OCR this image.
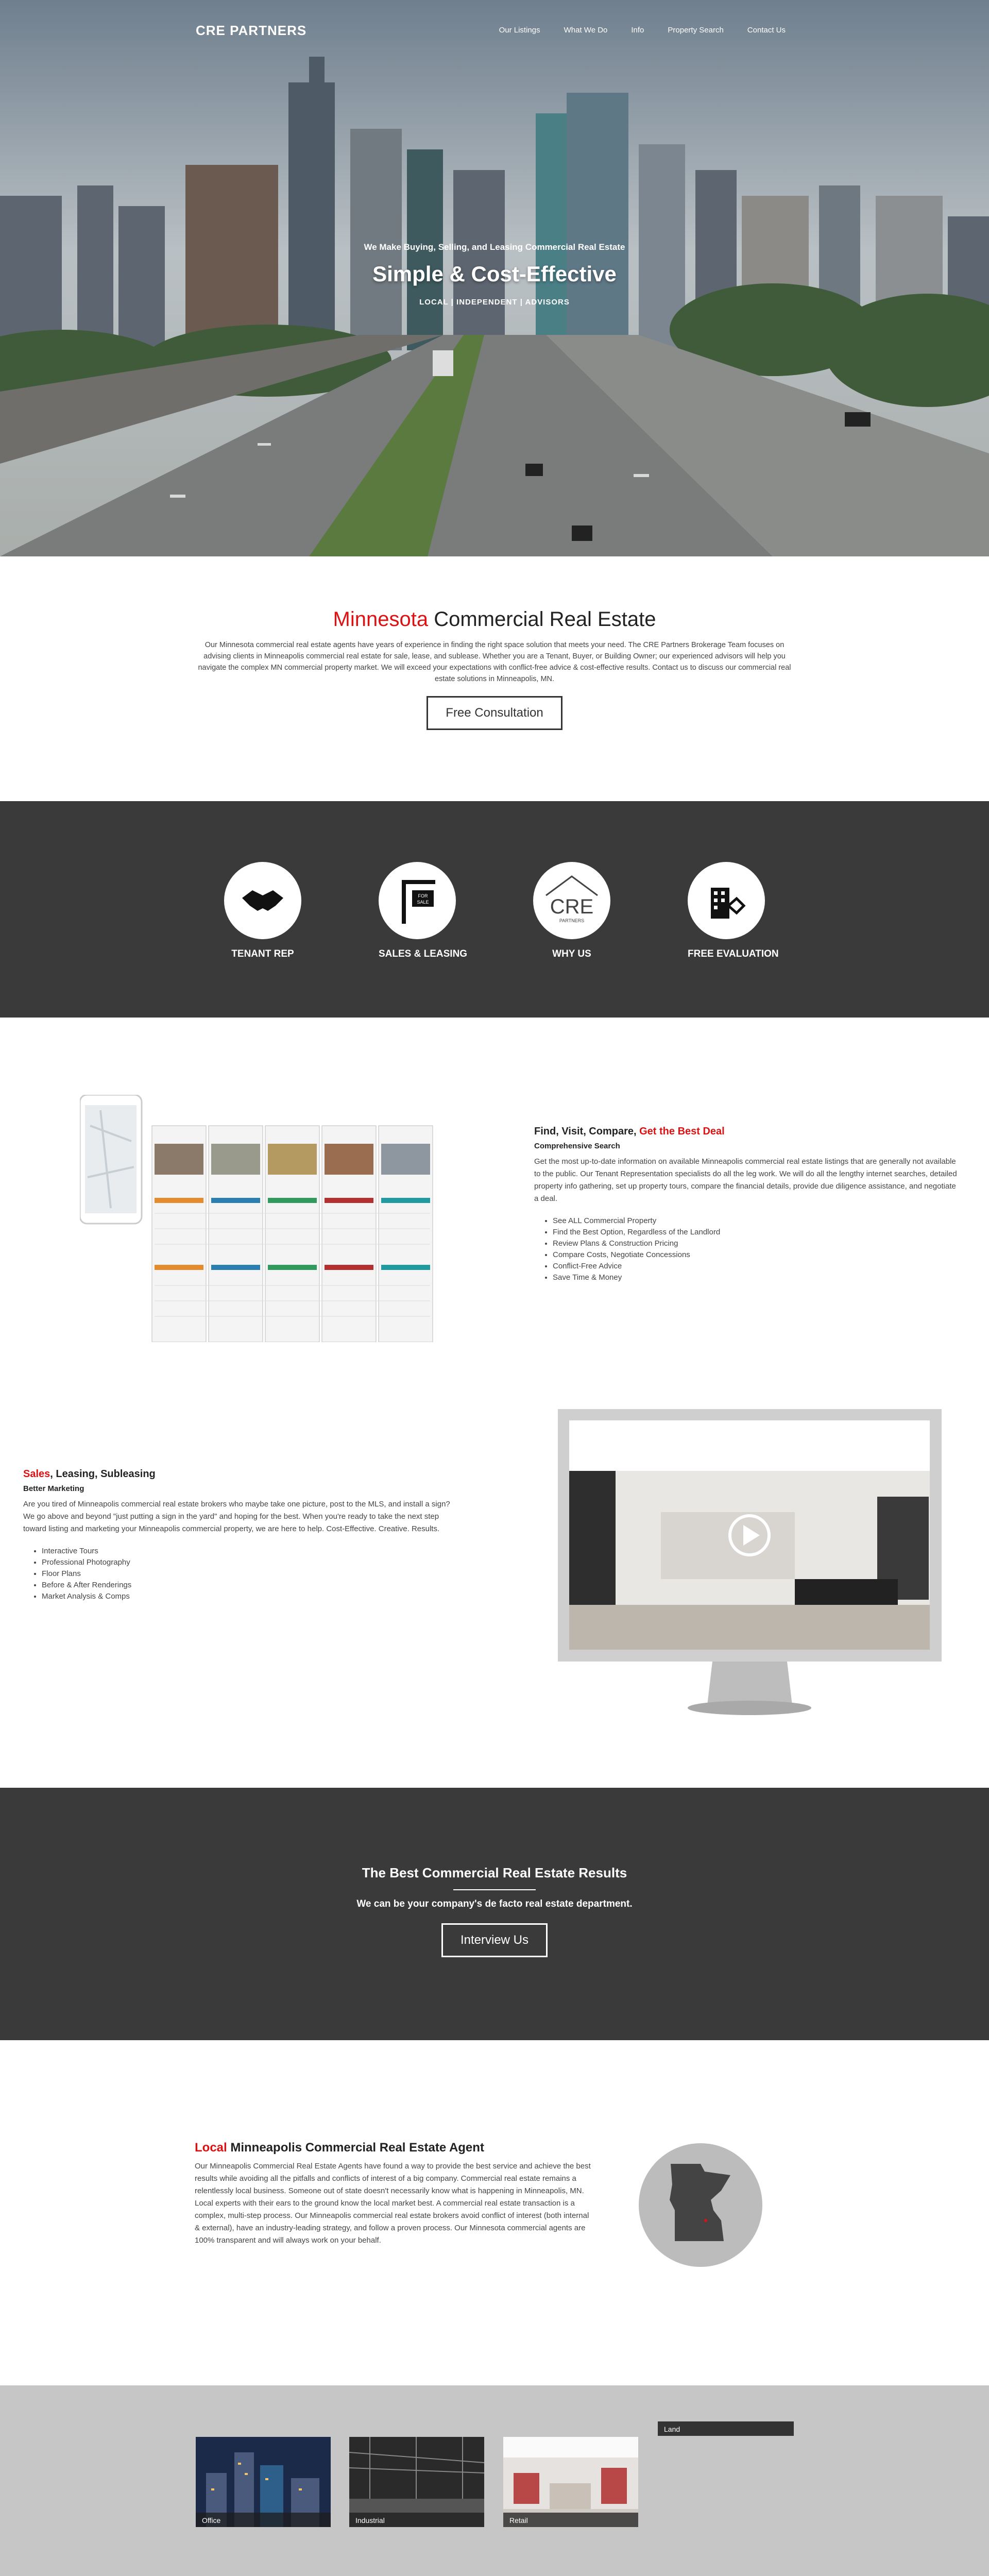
CRE PARTNERS	Our Listings	What We Do	Info	Property Search	Contact Us
We Make Buying, Selling, and Leasing Commercial Real Estate
Simple & Cost-Effective
LOCAL | INDEPENDENT | ADVISORS
Minnesota Commercial Real Estate

Our Minnesota commercial real estate agents have years of experience in finding the right space solution that meets your need. The CRE Partners Brokerage Team focuses on advising clients in Minneapolis commercial real estate for sale, lease, and sublease. Whether you are a Tenant, Buyer, or Building Owner; our experienced advisors will help you navigate the complex MN commercial property market. We will exceed your expectations with conflict-free advice & cost-effective results. Contact us to discuss our commercial real estate solutions in Minneapolis, MN.

Free Consultation
TENANT REP
FOR
SALE
SALES & LEASING
CRE
PARTNERS
WHY US	FREE EVALUATION
Find, Visit, Compare, Get the Best Deal
Comprehensive Search

Get the most up-to-date information on available Minneapolis commercial real estate listings that are generally not available to the public. Our Tenant Representation specialists do all the leg work. We will do all the lengthy internet searches, detailed property info gathering, set up property tours, compare the financial details, provide due diligence assistance, and negotiate a deal.

• See ALL Commercial Property
• Find the Best Option, Regardless of the Landlord
• Review Plans & Construction Pricing
• Compare Costs, Negotiate Concessions
• Conflict-Free Advice
• Save Time & Money
Sales, Leasing, Subleasing
Better Marketing

Are you tired of Minneapolis commercial real estate brokers who maybe take one picture, post to the MLS, and install a sign? We go above and beyond "just putting a sign in the yard" and hoping for the best. When you're ready to take the next step toward listing and marketing your Minneapolis commercial property, we are here to help. Cost-Effective. Creative. Results.

• Interactive Tours
• Professional Photography
• Floor Plans
• Before & After Renderings
• Market Analysis & Comps
The Best Commercial Real Estate Results

We can be your company's de facto real estate department.

Interview Us
Local Minneapolis Commercial Real Estate Agent

Our Minneapolis Commercial Real Estate Agents have found a way to provide the best service and achieve the best results while avoiding all the pitfalls and conflicts of interest of a big company. Commercial real estate remains a relentlessly local business. Someone out of state doesn't necessarily know what is happening in Minneapolis, MN. Local experts with their ears to the ground know the local market best. A commercial real estate transaction is a complex, multi-step process. Our Minneapolis commercial real estate brokers avoid conflict of interest (both internal & external), have an industry-leading strategy, and follow a proven process. Our Minnesota commercial agents are 100% transparent and will always work on your behalf.

Office	Industrial	Retail
Land
